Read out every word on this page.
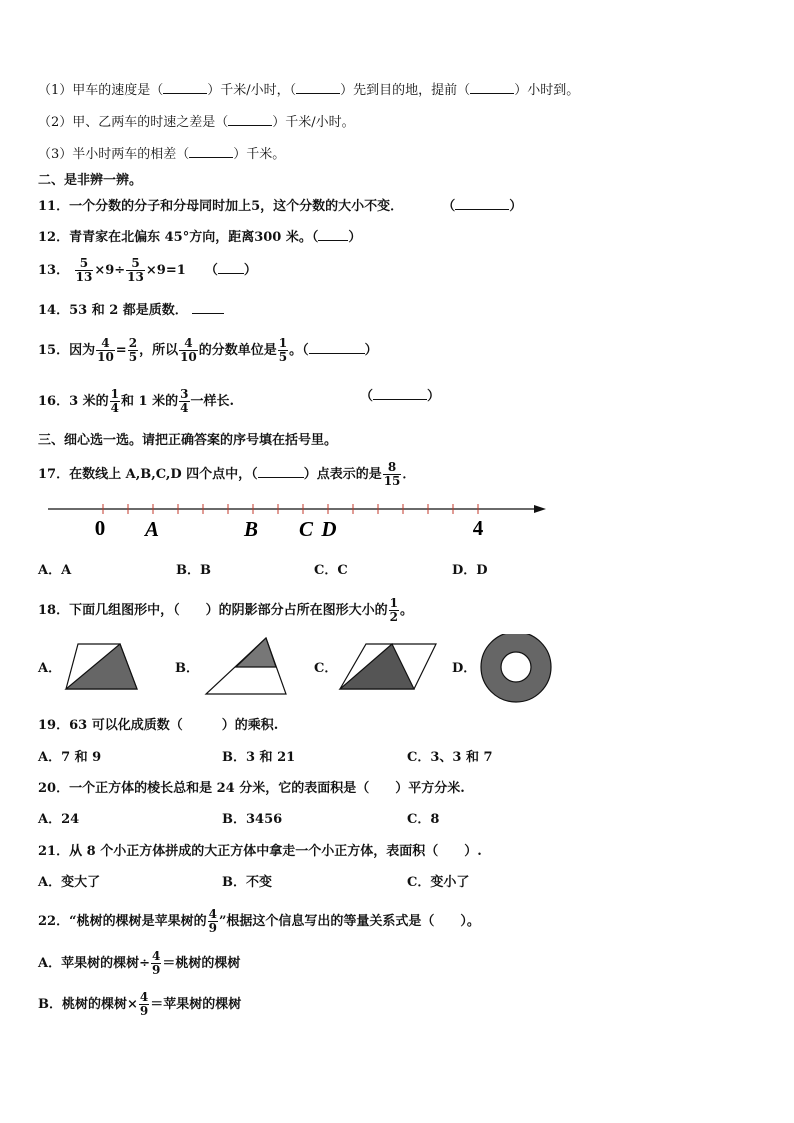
（1）甲车的速度是（	）千米/小时，（	）先到目的地，提前（	）小时到。
（2）甲、乙两车的时速之差是（	）千米/小时。
（3）半小时两车的相差（	）千米。
二、是非辨一辨。
11．一个分数的分子和分母同时加上5，这个分数的大小不变．	（	）
12．青青家在北偏东 45°方向，距离300 米。（ ）
13． $\frac{5}{13} \times 9\div \frac{5}{13} \times 9=1$ （ ）
14．53 和 2 都是质数．
15．因为 $\frac{4}{10} = \frac{2}{5}$ ，所以 $\frac{4}{10}$ 的分数单位是 $\frac{1}{5}$ 。（	）
16．3 米的 $\frac{1}{4}$ 和 1 米的 $\frac{3}{4}$ 一样长.	（	）
三、细心选一选。请把正确答案的序号填在括号里。
17．在数线上 A,B,C,D 四个点中，（	）点表示的是 $\frac{8}{15}$ ．
0 A	B C D	4
A．A	B．B	C．C	D．D
18．下面几组图形中，（　　）的阴影部分占所在图形大小的 $\frac{1}{2}$ 。
A．	B．	C．	D．
19．63 可以化成质数（　　　）的乘积.
A．7 和 9	B．3 和 21	C．3、3 和 7
20．一个正方体的棱长总和是 24 分米，它的表面积是（　　）平方分米.
A．24	B．3456	C．8
21．从 8 个小正方体拼成的大正方体中拿走一个小正方体，表面积（　　）.
A．变大了	B．不变	C．变小了
22．“桃树的棵树是苹果树的 $\frac{4}{9}$ ”根据这个信息写出的等量关系式是（　　）。
A．苹果树的棵树÷ $\frac{4}{9}$ ＝桃树的棵树
B．桃树的棵树× $\frac{4}{9}$ ＝苹果树的棵树
